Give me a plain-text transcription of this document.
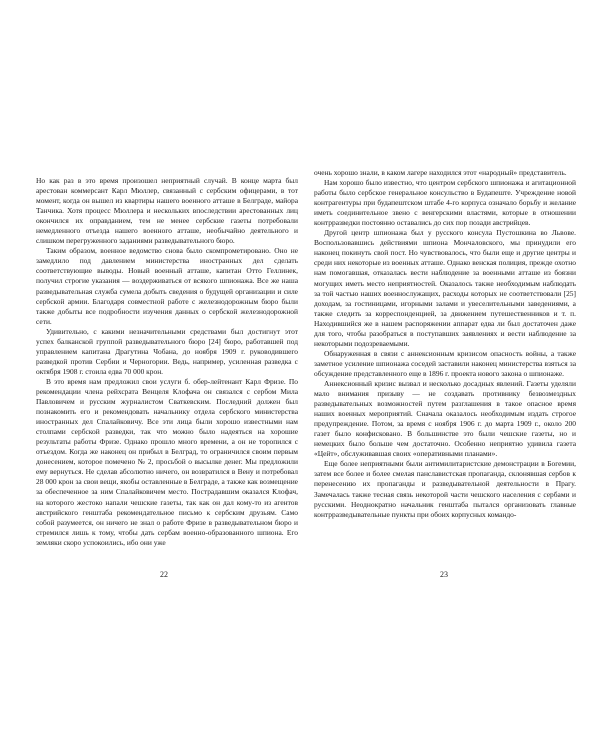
Но как раз в это время произошел неприятный случай. В конце марта был арестован коммерсант Карл Мюллер, связанный с сербским офицерами, в тот момент, когда он вышел из квартиры нашего военного атташе в Белграде, майора Танчика. Хотя процесс Мюллера и нескольких впоследствии арестованных лиц окончился их оправданием, тем не менее сербские газеты потребовали немедленного отъезда нашего военного атташе, необычайно деятельного и слишком перегруженного заданиями разведывательного бюро.

Таким образом, военное ведомство снова было скомпрометировано. Оно не замедлило под давлением министерства иностранных дел сделать соответствующие выводы. Новый военный атташе, капитан Отто Геллинек, получил строгие указания — воздерживаться от всякого шпионажа. Все же наша разведывательная служба сумела добыть сведения о будущей организации и силе сербской армии. Благодаря совместной работе с железнодорожным бюро были также добыты все подробности изучения данных о сербской железнодорожной сети.

Удивительно, с какими незначительными средствами был достигнут этот успех балканской группой разведывательного бюро [24] бюро, работавшей под управлением капитана Драгутина Чобана, до ноября 1909 г. руководившего разведкой против Сербии и Черногории. Ведь, например, усиленная разведка с октября 1908 г. стоила едва 70 000 крон.

В это время нам предложил свои услуги б. обер-лейтенант Карл Фризе. По рекомендации члена рейхсрата Венцеля Клофача он связался с сербом Мила Павловичем и русским журналистом Сваткевским. Последний должен был познакомить его и рекомендовать начальнику отдела сербского министерства иностранных дел Спалайковичу. Все эти лица были хорошо известными нам столпами сербской разведки, так что можно было надеяться на хорошие результаты работы Фризе. Однако прошло много времени, а он не торопился с отъездом. Когда же наконец он прибыл в Белград, то ограничился своим первым донесением, которое помечено № 2, просьбой о высылке денег. Мы предложили ему вернуться. Не сделав абсолютно ничего, он возвратился в Вену и потребовал 28 000 крон за свои вещи, якобы оставленные в Белграде, а также как возмещение за обеспеченное за ним Спалайковичем место. Пострадавшим оказался Клофач, на которого жестоко напали чешские газеты, так как он дал кому-то из агентов австрийского генштаба рекомендательное письмо к сербским друзьям. Само собой разумеется, он ничего не знал о работе Фризе в разведывательном бюро и стремился лишь к тому, чтобы дать сербам военно-образованного шпиона. Его земляки скоро успокоились, ибо они уже

22

очень хорошо знали, в каком лагере находился этот «народный» представитель.

Нам хорошо было известно, что центром сербского шпионажа и агитационной работы было сербское генеральное консульство в Будапеште. Учреждение новой контрагентуры при будапештском штабе 4-го корпуса означало борьбу и желание иметь соединительное звено с венгерскими властями, которые в отношении контрразведки постоянно оставались до сих пор позади австрийцев.

Другой центр шпионажа был у русского консула Пустошкина во Львове. Воспользовавшись действиями шпиона Мончаловского, мы принудили его наконец покинуть свой пост. Но чувствовалось, что были еще и другие центры и среди них некоторые из военных атташе. Однако венская полиция, прежде охотно нам помогавшая, отказалась вести наблюдение за военными атташе из боязни могущих иметь место неприятностей. Оказалось также необходимым наблюдать за той частью наших военнослужащих, расходы которых не соответствовали [25] доходам, за гостиницами, игорными залами и увеселительными заведениями, а также следить за корреспонденцией, за движением путешественников и т. п. Находившийся же в нашем распоряжении аппарат едва ли был достаточен даже для того, чтобы разобраться в поступавших заявлениях и вести наблюдение за некоторыми подозреваемыми.

Обнаруженная в связи с аннексионным кризисом опасность войны, а также заметное усиление шпионажа соседей заставили наконец министерства взяться за обсуждение представленного еще в 1896 г. проекта нового закона о шпионаже.

Аннексионный кризис вызвал и несколько досадных явлений. Газеты уделяли мало внимания призыву — не создавать противнику безвозмездных разведывательных возможностей путем разглашения в такое опасное время наших военных мероприятий. Сначала оказалось необходимым издать строгое предупреждение. Потом, за время с ноября 1906 г. до марта 1909 г., около 200 газет было конфисковано. В большинстве это были чешские газеты, но и немецких было больше чем достаточно. Особенно неприятно удивила газета «Цейт», обслуживавшая своих «оперативными планами».

Еще более неприятными были антимилитаристские демонстрации в Богемии, затем все более и более смелая панславистская пропаганда, склонявшая сербов к перенесению их пропаганды и разведывательной деятельности в Прагу. Замечалась также тесная связь некоторой части чешского населения с сербами и русскими. Неоднократно начальник генштаба пытался организовать главные контрразведывательные пункты при обоих корпусных командо-

23
